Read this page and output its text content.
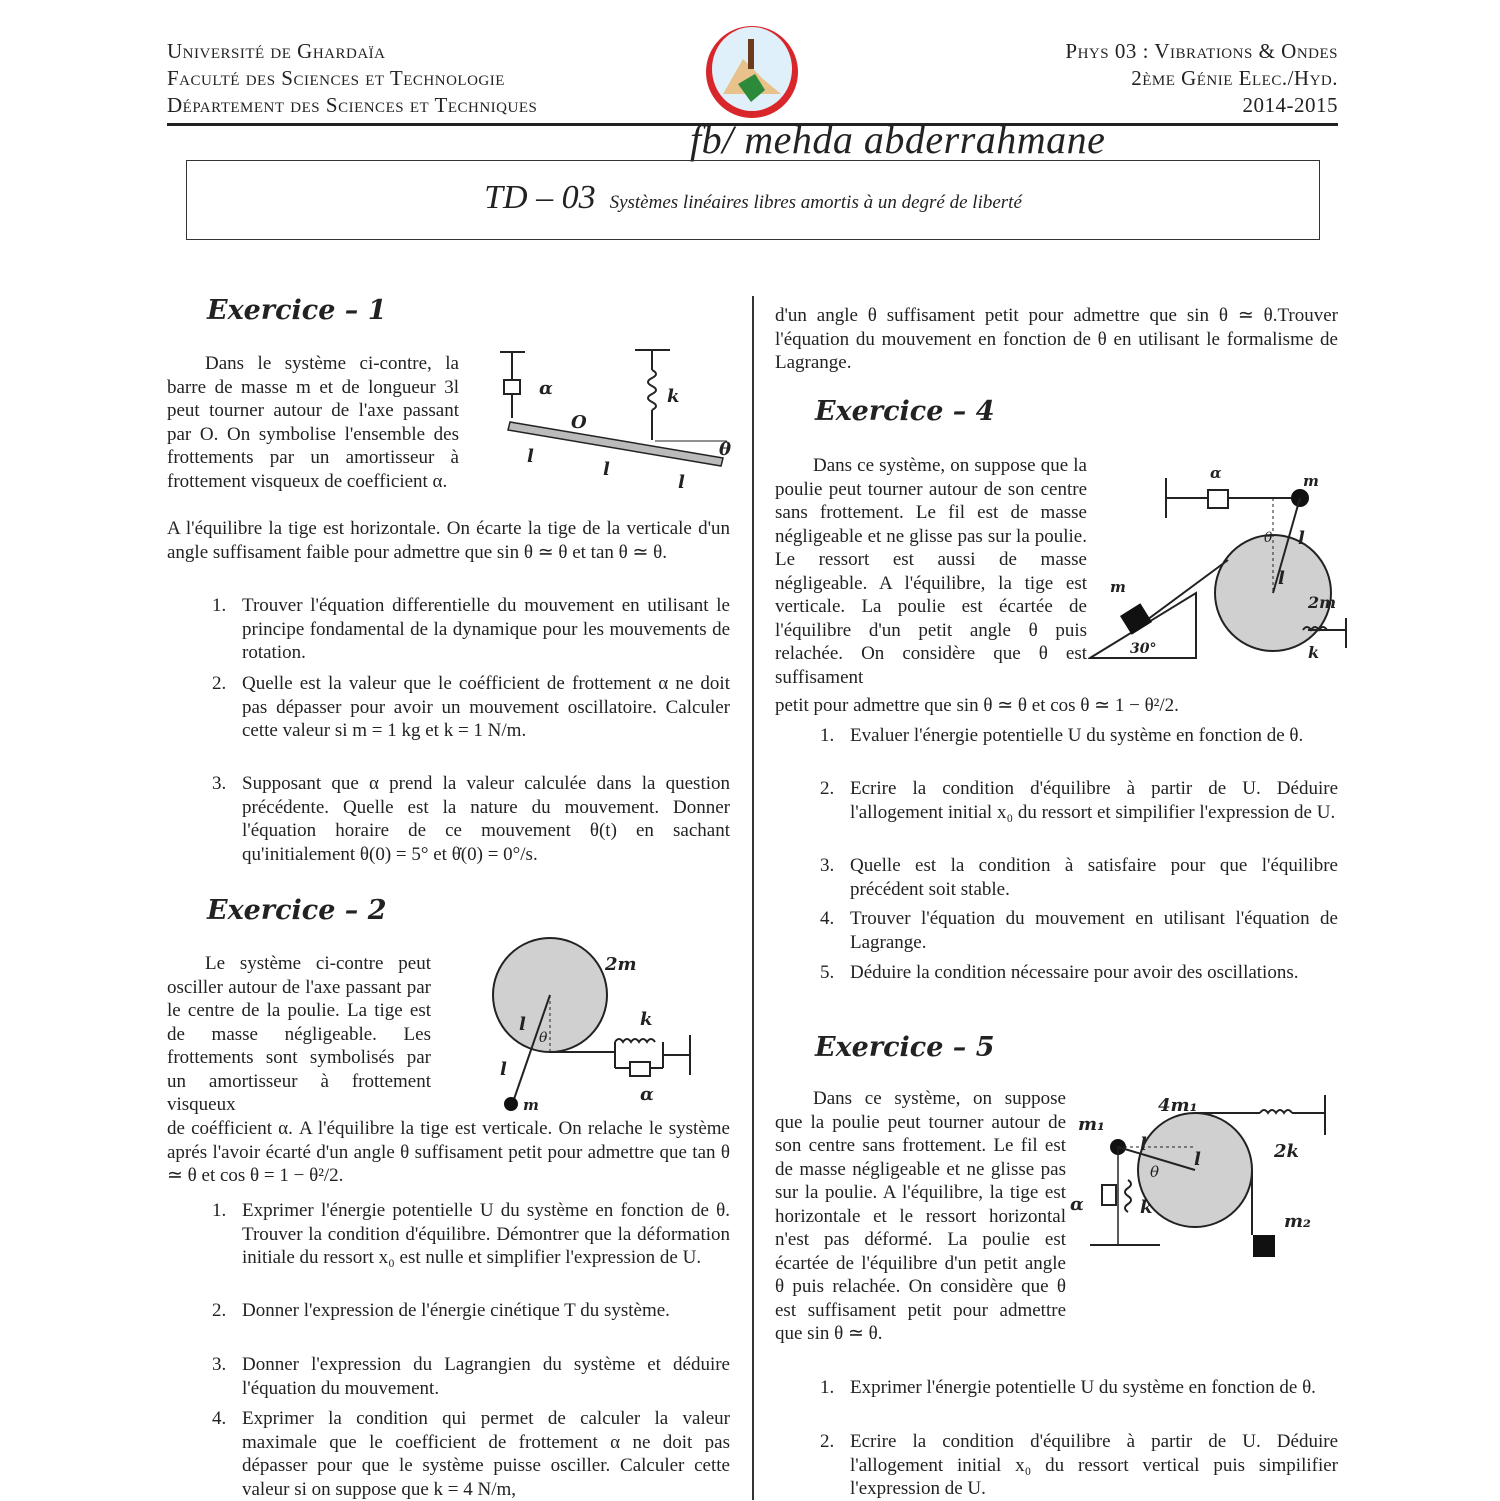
Université de Ghardaïa
Faculté des Sciences et Technologie
Département des Sciences et Techniques
Phys 03 : Vibrations & Ondes
2ème Génie Elec./Hyd.
2014-2015
fb/ mehda abderrahmane
TD – 03 Systèmes linéaires libres amortis à un degré de liberté
Exercice – 1
Dans le système ci-contre, la barre de masse m et de longueur 3l peut tourner autour de l'axe passant par O. On symbolise l'ensemble des frottements par un amortisseur à frottement visqueux de coefficient α.
α	k
O
l
l
l
θ
A l'équilibre la tige est horizontale. On écarte la tige de la verticale d'un angle suffisament faible pour admettre que sin θ ≃ θ et tan θ ≃ θ.
1. Trouver l'équation differentielle du mouvement en utilisant le principe fondamental de la dynamique pour les mouvements de rotation.
2. Quelle est la valeur que le coéfficient de frottement α ne doit pas dépasser pour avoir un mouvement oscillatoire. Calculer cette valeur si m = 1 kg et k = 1 N/m.
3. Supposant que α prend la valeur calculée dans la question précédente. Quelle est la nature du mouvement. Donner l'équation horaire de ce mouvement θ(t) en sachant qu'initialement θ(0) = 5° et θ̇(0) = 0°/s.
Exercice – 2
Le système ci-contre peut osciller autour de l'axe passant par le centre de la poulie. La tige est de masse négligeable. Les frottements sont symbolisés par un amortisseur à frottement visqueux
2m
k
l
θ
l
m	α
de coéfficient α. A l'équilibre la tige est verticale. On relache le système aprés l'avoir écarté d'un angle θ suffisament petit pour admettre que tan θ ≃ θ et cos θ = 1 − θ²/2.
1. Exprimer l'énergie potentielle U du système en fonction de θ. Trouver la condition d'équilibre. Démontrer que la déformation initiale du ressort x₀ est nulle et simplifier l'expression de U.
2. Donner l'expression de l'énergie cinétique T du système.
3. Donner l'expression du Lagrangien du système et déduire l'équation du mouvement.
4. Exprimer la condition qui permet de calculer la valeur maximale que le coefficient de frottement α ne doit pas dépasser pour que le système puisse osciller. Calculer cette valeur si on suppose que k = 4 N/m,
d'un angle θ suffisament petit pour admettre que sin θ ≃ θ.Trouver l'équation du mouvement en fonction de θ en utilisant le formalisme de Lagrange.
Exercice – 4
Dans ce système, on suppose que la poulie peut tourner autour de son centre sans frottement. Le fil est de masse négligeable et ne glisse pas sur la poulie. Le ressort est aussi de masse négligeable. A l'équilibre, la tige est verticale. La poulie est écartée de l'équilibre d'un petit angle θ puis relachée. On considère que θ est suffisament
α	m
θ l
l
m
2m
30°	k
petit pour admettre que sin θ ≃ θ et cos θ ≃ 1 − θ²/2.
1. Evaluer l'énergie potentielle U du système en fonction de θ.
2. Ecrire la condition d'équilibre à partir de U. Déduire l'allogement initial x₀ du ressort et simpilifier l'expression de U.
3. Quelle est la condition à satisfaire pour que l'équilibre précédent soit stable.
4. Trouver l'équation du mouvement en utilisant l'équation de Lagrange.
5. Déduire la condition nécessaire pour avoir des oscillations.
Exercice – 5
Dans ce système, on suppose que la poulie peut tourner autour de son centre sans frottement. Le fil est de masse négligeable et ne glisse pas sur la poulie. A l'équilibre, la tige est horizontale et le ressort horizontal n'est pas déformé. La poulie est écartée de l'équilibre d'un petit angle θ puis relachée. On considère que θ est suffisament petit pour admettre que sin θ ≃ θ.
4m₁
m₁
l
l
θ
2k
α	k
m₂
1. Exprimer l'énergie potentielle U du système en fonction de θ.
2. Ecrire la condition d'équilibre à partir de U. Déduire l'allogement initial x₀ du ressort vertical puis simpilifier l'expression de U.
